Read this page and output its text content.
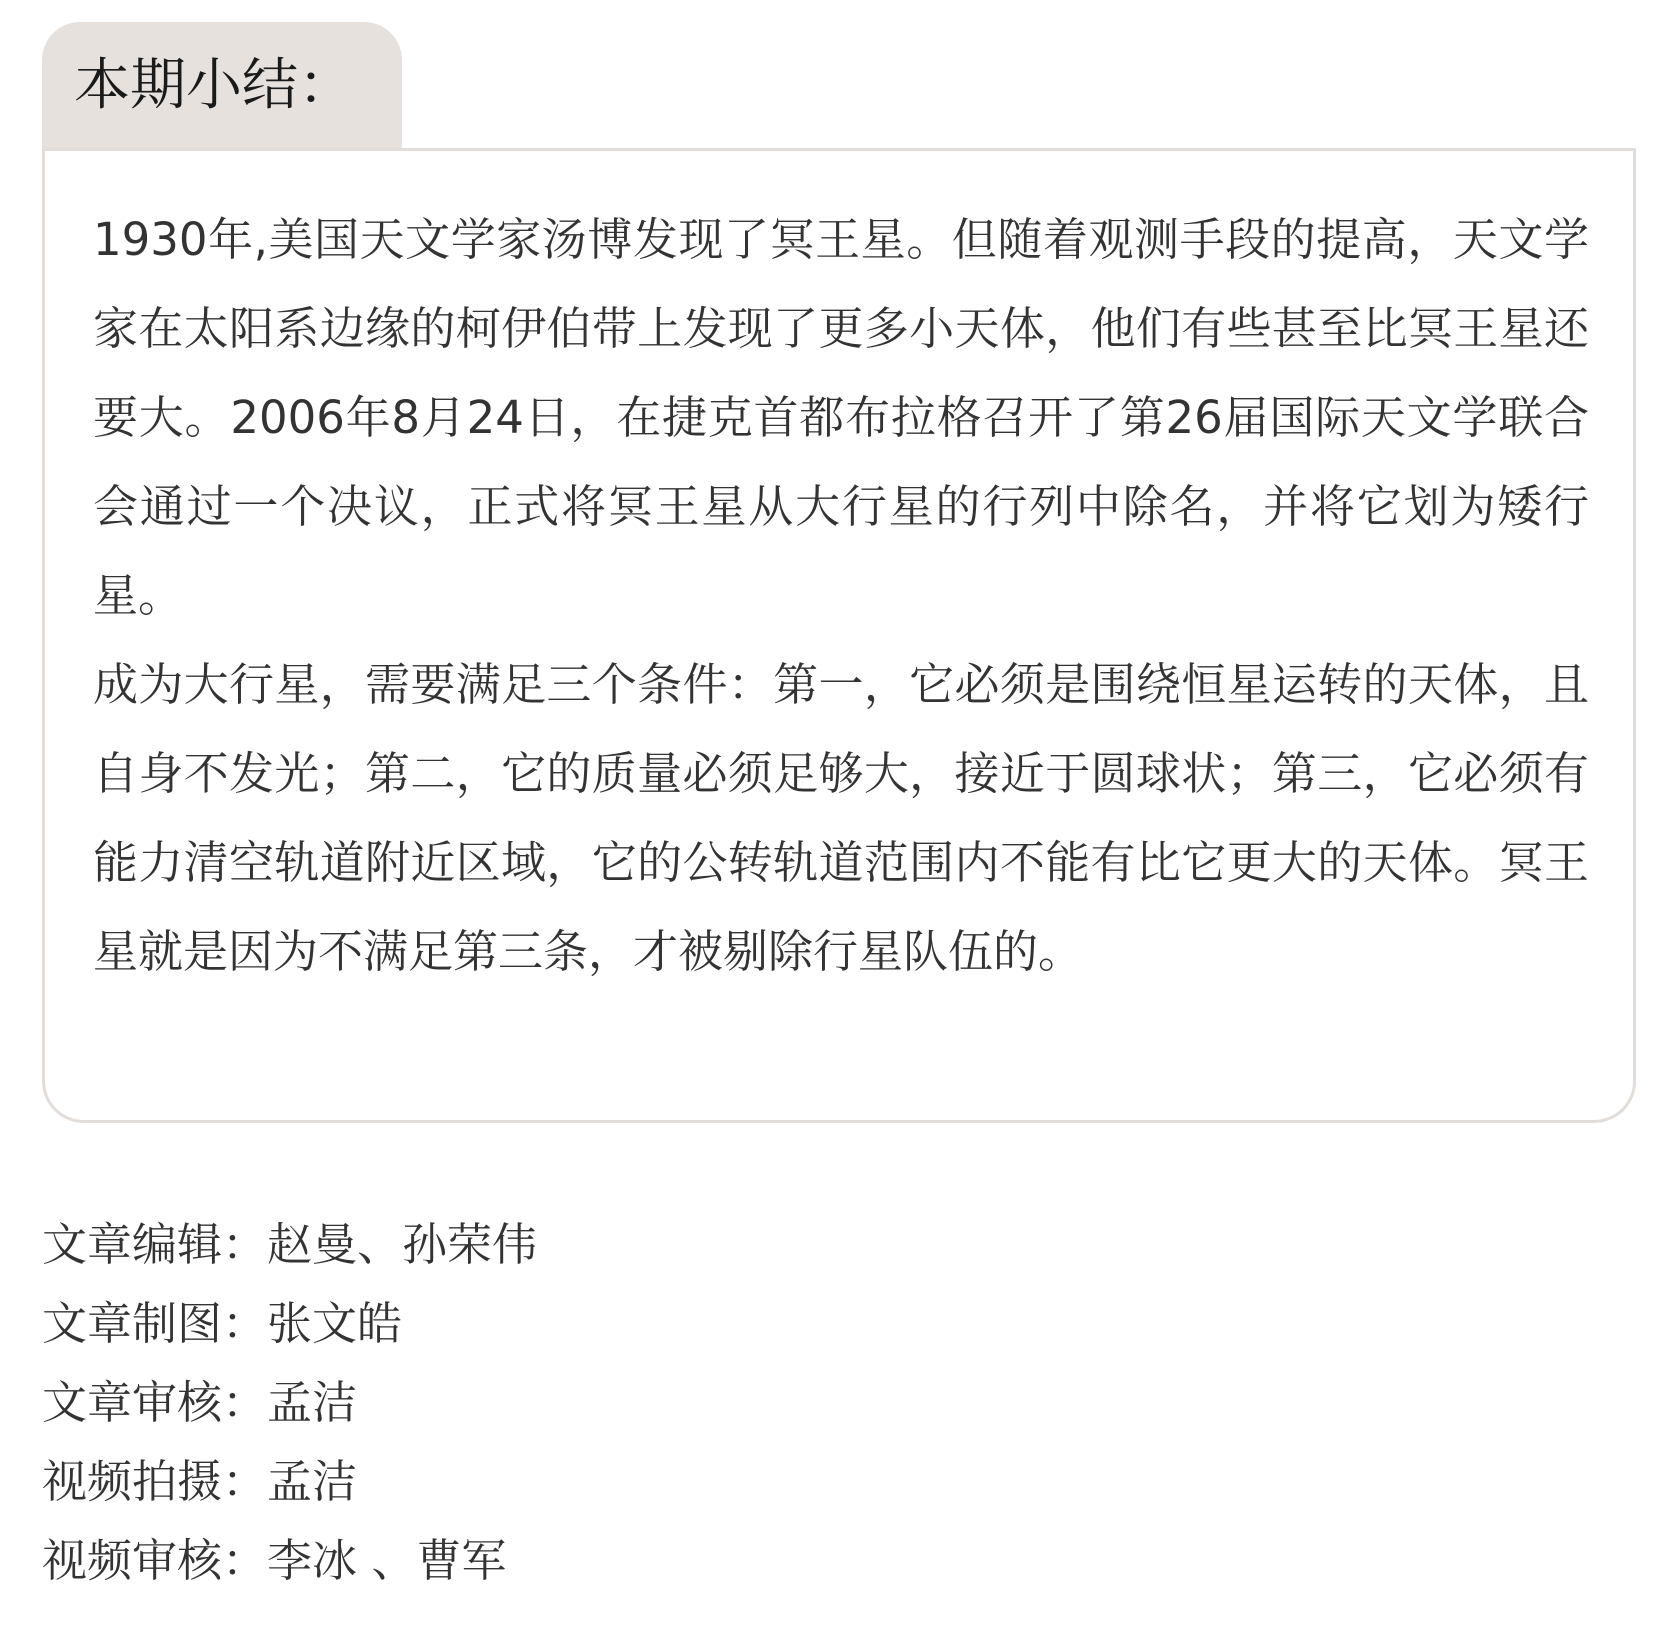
本期小结：

1930年,美国天文学家汤博发现了冥王星。但随着观测手段的提高，天文学家在太阳系边缘的柯伊伯带上发现了更多小天体，他们有些甚至比冥王星还要大。2006年8月24日，在捷克首都布拉格召开了第26届国际天文学联合会通过一个决议，正式将冥王星从大行星的行列中除名，并将它划为矮行星。

成为大行星，需要满足三个条件：第一，它必须是围绕恒星运转的天体，且自身不发光；第二，它的质量必须足够大，接近于圆球状；第三，它必须有能力清空轨道附近区域，它的公转轨道范围内不能有比它更大的天体。冥王星就是因为不满足第三条，才被剔除行星队伍的。

文章编辑：赵曼、孙荣伟
文章制图：张文皓
文章审核：孟洁
视频拍摄：孟洁
视频审核：李冰 、曹军
